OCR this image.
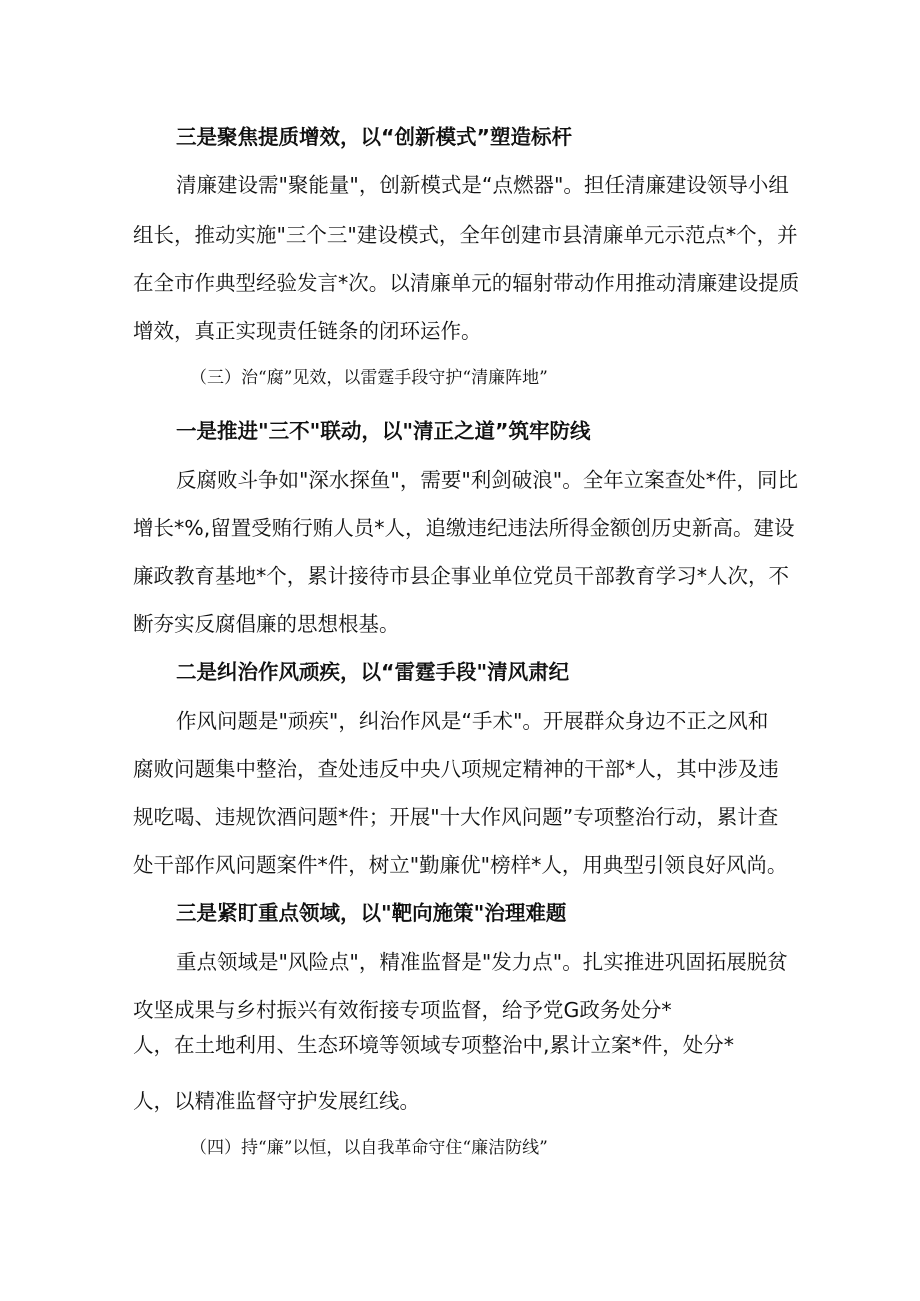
三是聚焦提质增效，以“创新模式”塑造标杆
清廉建设需"聚能量"，创新模式是“点燃器"。担任清廉建设领导小组
组长，推动实施"三个三"建设模式，全年创建市县清廉单元示范点*个，并
在全市作典型经验发言*次。以清廉单元的辐射带动作用推动清廉建设提质
增效，真正实现责任链条的闭环运作。
（三）治“腐”见效，以雷霆手段守护“清廉阵地”
一是推进"三不"联动，以"清正之道”筑牢防线
反腐败斗争如"深水探鱼"，需要"利剑破浪"。全年立案查处*件，同比
增长*%,留置受贿行贿人员*人，追缴违纪违法所得金额创历史新高。建设
廉政教育基地*个，累计接待市县企事业单位党员干部教育学习*人次，不
断夯实反腐倡廉的思想根基。
二是纠治作风顽疾，以“雷霆手段"清风肃纪
作风问题是"顽疾"，纠治作风是“手术"。开展群众身边不正之风和
腐败问题集中整治，查处违反中央八项规定精神的干部*人，其中涉及违
规吃喝、违规饮酒问题*件；开展"十大作风问题”专项整治行动，累计查
处干部作风问题案件*件，树立"勤廉优"榜样*人，用典型引领良好风尚。
三是紧盯重点领域，以"靶向施策"治理难题
重点领域是"风险点"，精准监督是"发力点"。扎实推进巩固拓展脱贫
攻坚成果与乡村振兴有效衔接专项监督，给予党G政务处分*
人，在土地利用、生态环境等领域专项整治中,累计立案*件，处分*
人，以精准监督守护发展红线。
（四）持“廉”以恒，以自我革命守住“廉洁防线”
